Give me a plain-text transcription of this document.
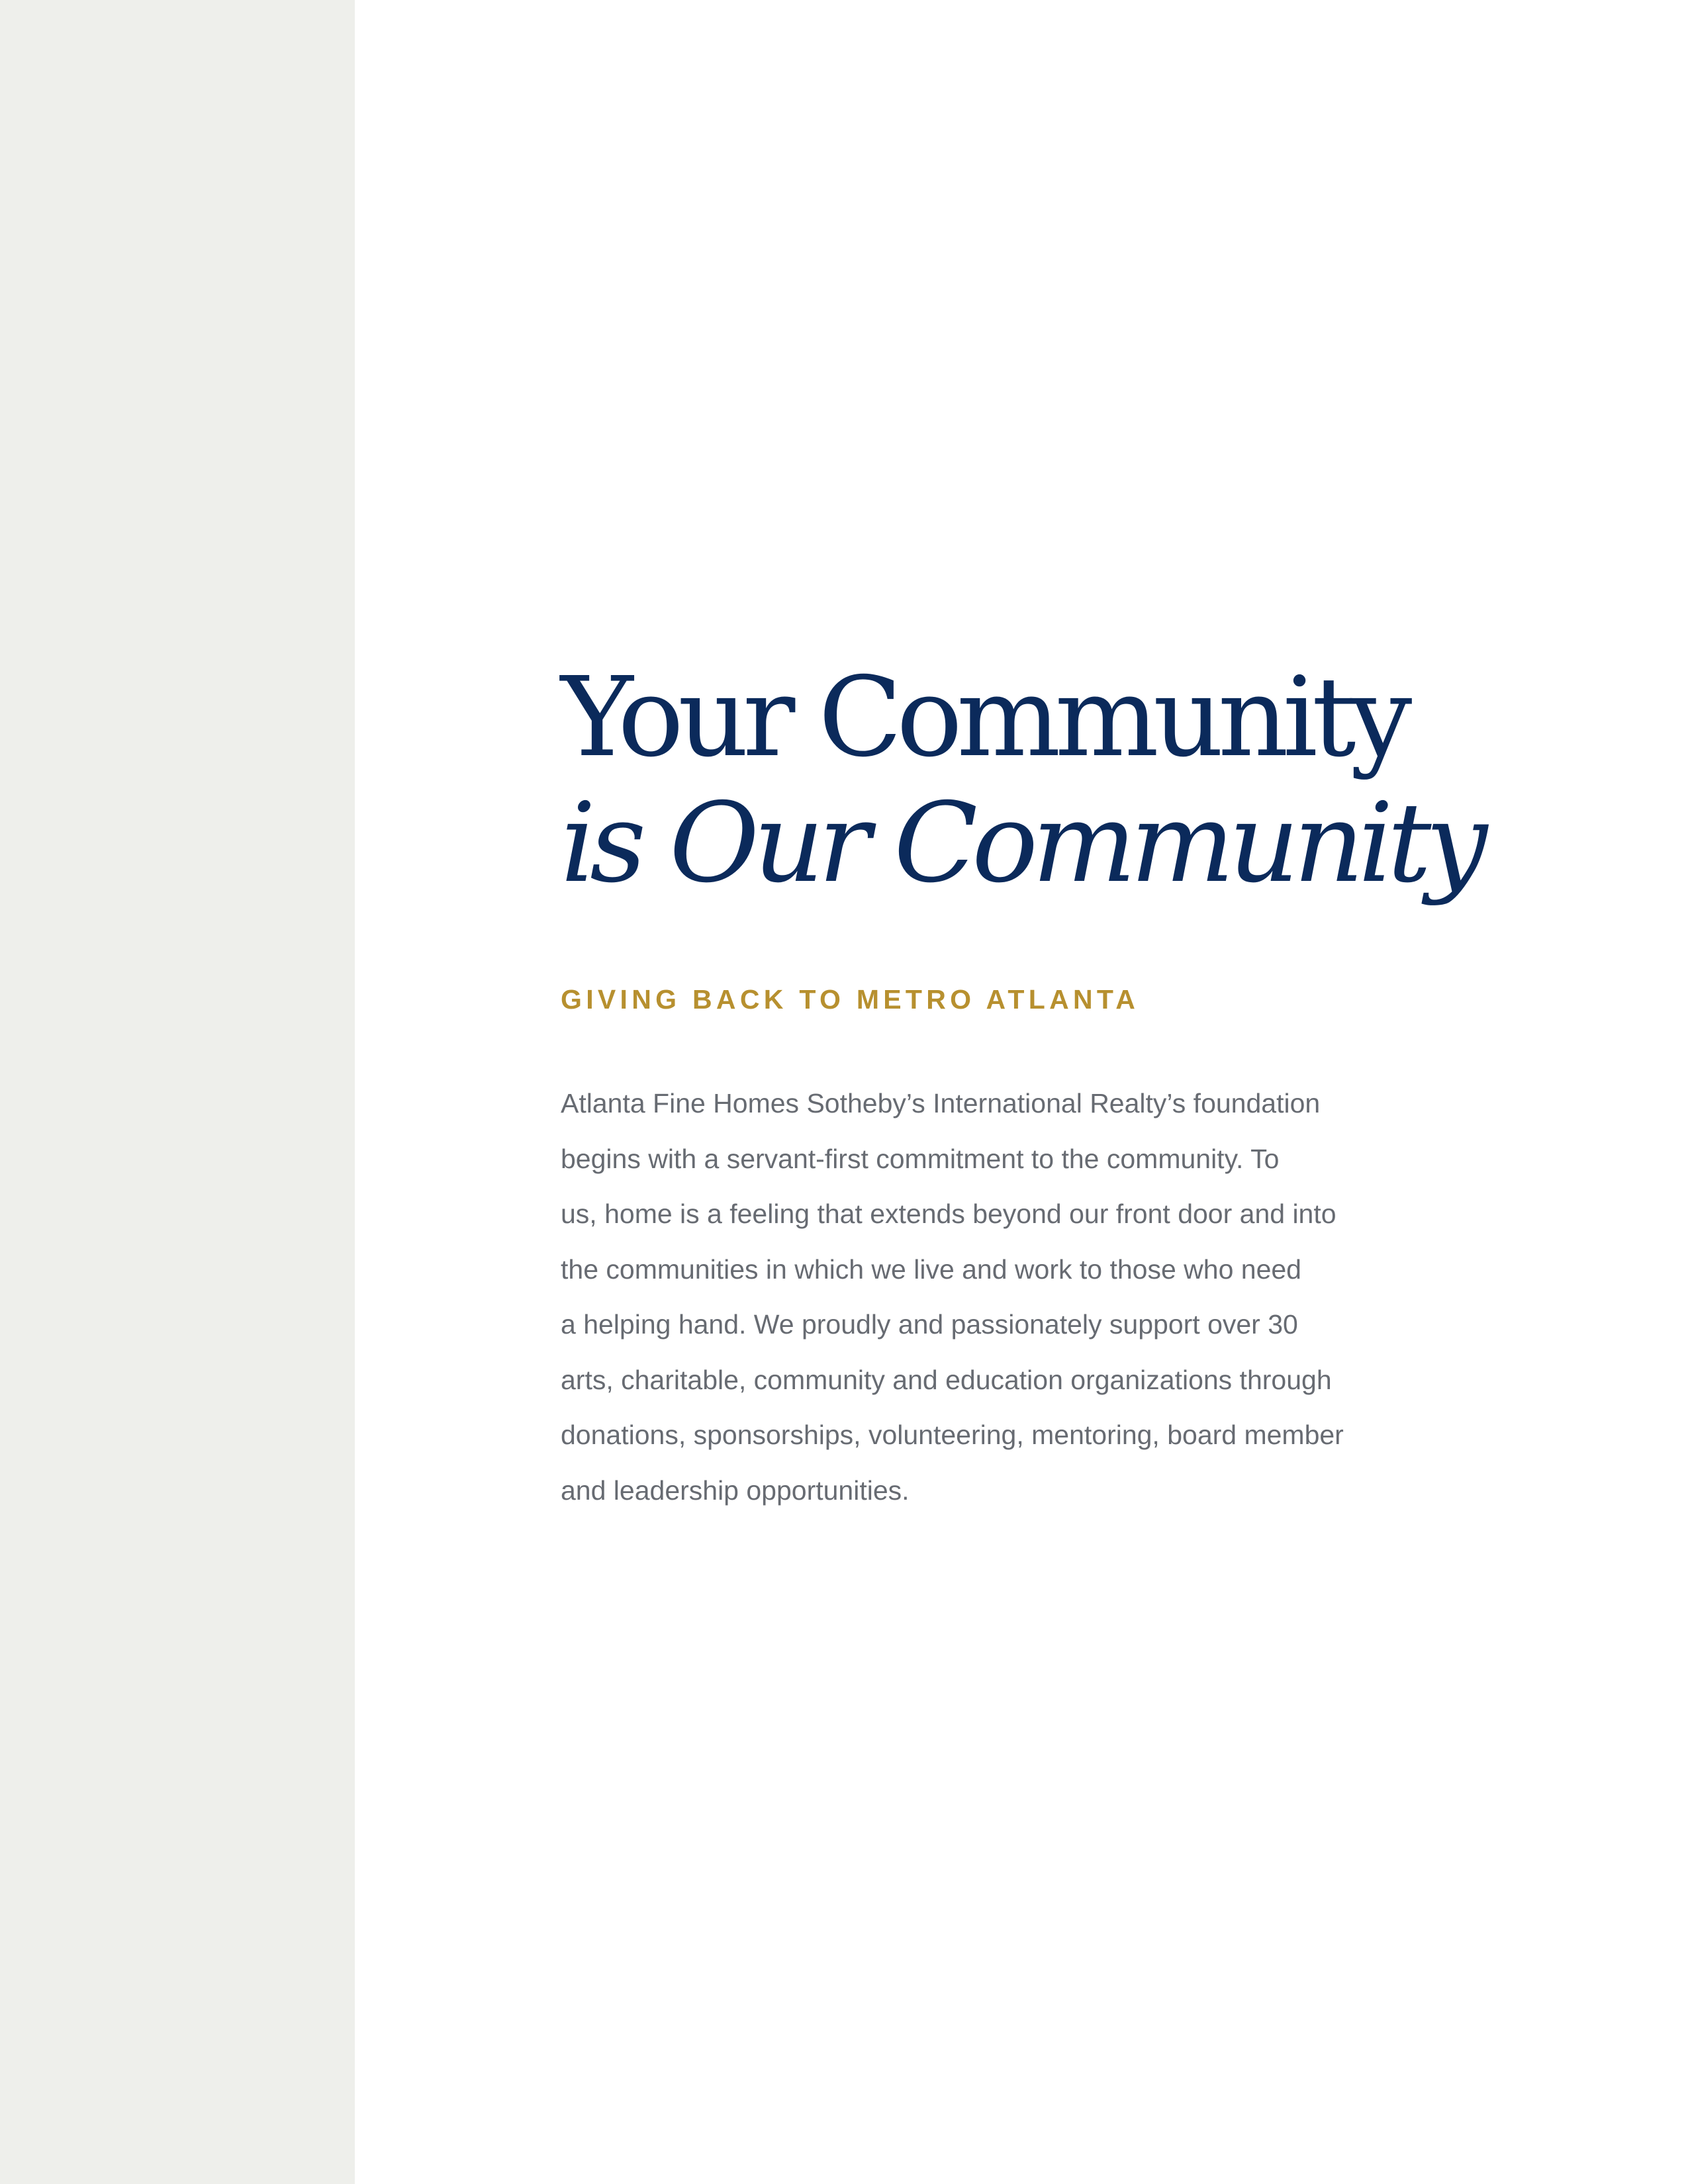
Your Community
is Our Community
GIVING BACK TO METRO ATLANTA

Atlanta Fine Homes Sotheby’s International Realty’s foundation
begins with a servant-first commitment to the community. To
us, home is a feeling that extends beyond our front door and into
the communities in which we live and work to those who need
a helping hand. We proudly and passionately support over 30
arts, charitable, community and education organizations through
donations, sponsorships, volunteering, mentoring, board member
and leadership opportunities.
